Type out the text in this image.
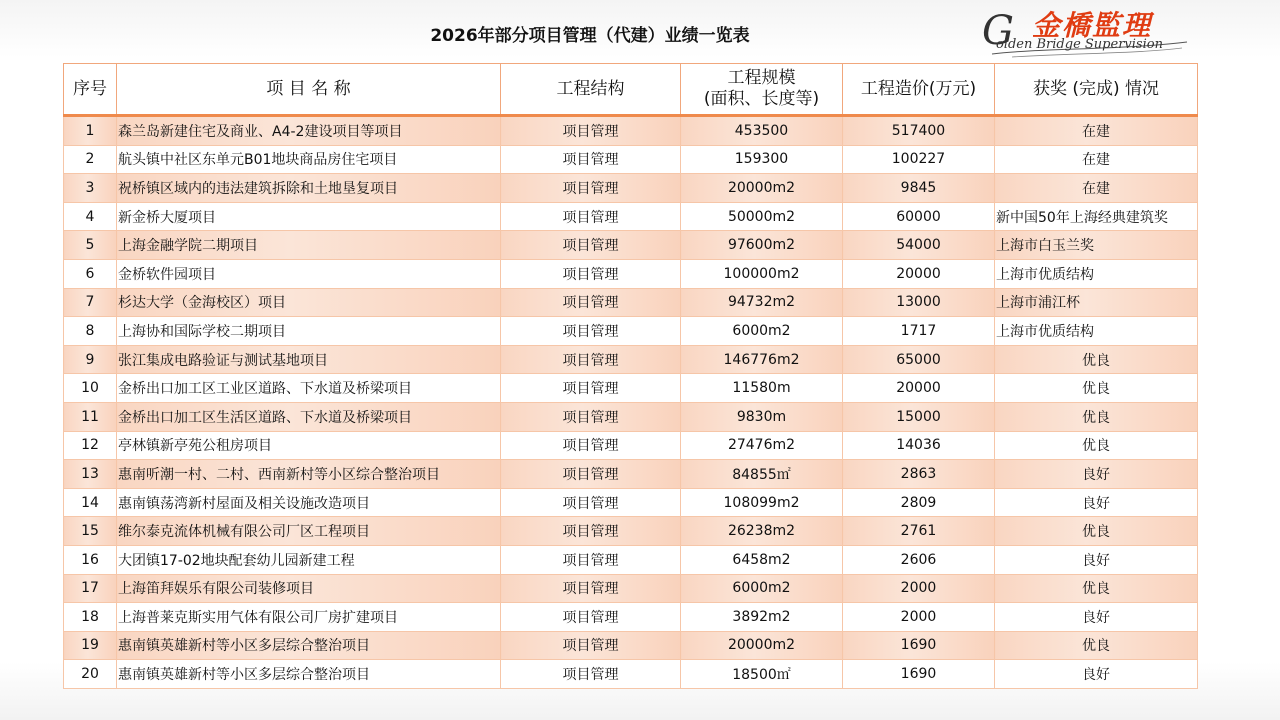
2026年部分项目管理（代建）业绩一览表	G 金橋監理
olden Bridge Supervision
序号	项 目 名 称	工程结构	工程规模
(面积、长度等)	工程造价(万元)	获奖 (完成) 情况
1	森兰岛新建住宅及商业、A4-2建设项目等项目	项目管理	453500	517400	在建
2	航头镇中社区东单元B01地块商品房住宅项目	项目管理	159300	100227	在建
3	祝桥镇区域内的违法建筑拆除和土地垦复项目	项目管理	20000m2	9845	在建
4	新金桥大厦项目	项目管理	50000m2	60000	新中国50年上海经典建筑奖
5	上海金融学院二期项目	项目管理	97600m2	54000	上海市白玉兰奖
6	金桥软件园项目	项目管理	100000m2	20000	上海市优质结构
7	杉达大学（金海校区）项目	项目管理	94732m2	13000	上海市浦江杯
8	上海协和国际学校二期项目	项目管理	6000m2	1717	上海市优质结构
9	张江集成电路验证与测试基地项目	项目管理	146776m2	65000	优良
10	金桥出口加工区工业区道路、下水道及桥梁项目	项目管理	11580m	20000	优良
11	金桥出口加工区生活区道路、下水道及桥梁项目	项目管理	9830m	15000	优良
12	亭林镇新亭苑公租房项目	项目管理	27476m2	14036	优良
13	惠南听潮一村、二村、西南新村等小区综合整治项目	项目管理	84855㎡	2863	良好
14	惠南镇荡湾新村屋面及相关设施改造项目	项目管理	108099m2	2809	良好
15	维尔泰克流体机械有限公司厂区工程项目	项目管理	26238m2	2761	优良
16	大团镇17-02地块配套幼儿园新建工程	项目管理	6458m2	2606	良好
17	上海笛拜娱乐有限公司装修项目	项目管理	6000m2	2000	优良
18	上海普莱克斯实用气体有限公司厂房扩建项目	项目管理	3892m2	2000	良好
19	惠南镇英雄新村等小区多层综合整治项目	项目管理	20000m2	1690	优良
20	惠南镇英雄新村等小区多层综合整治项目	项目管理	18500㎡	1690	良好
